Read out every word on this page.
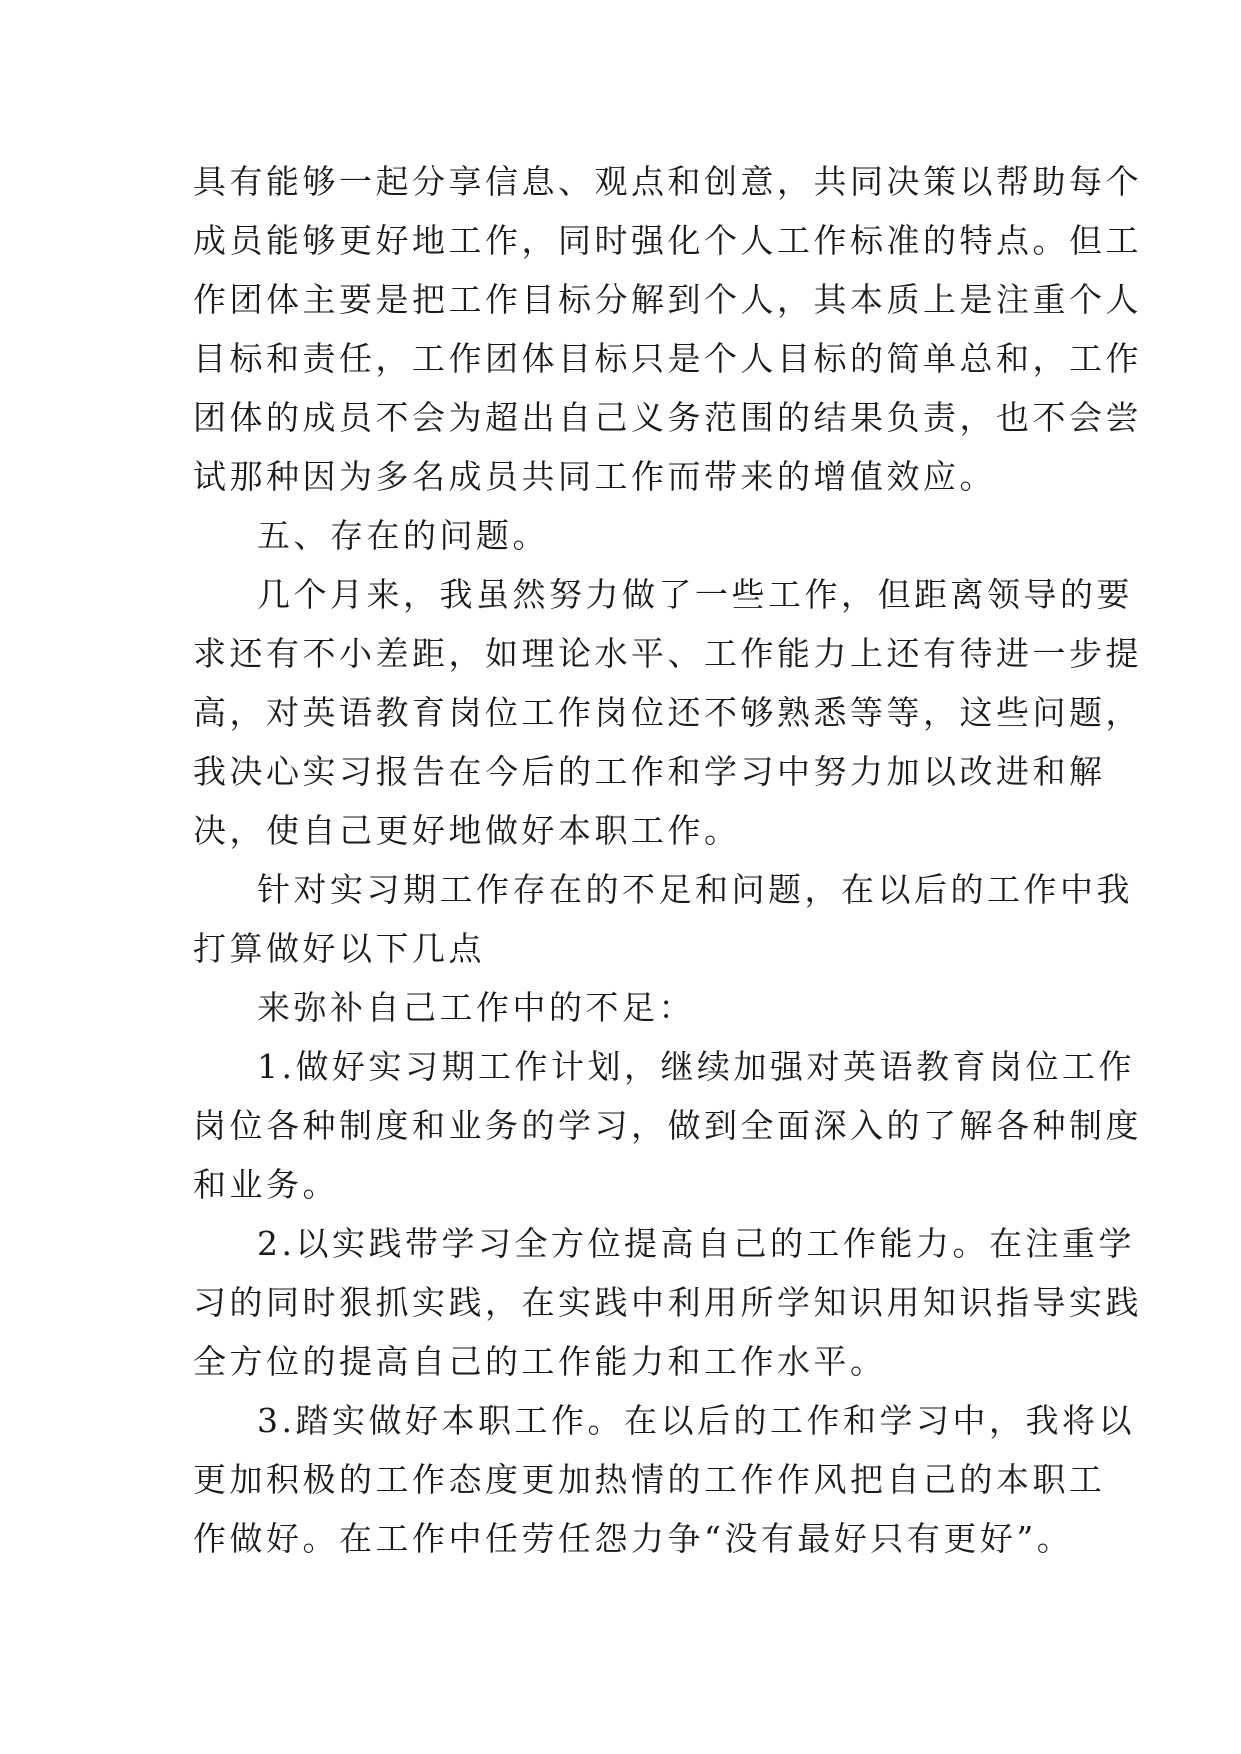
具有能够一起分享信息、观点和创意，共同决策以帮助每个
成员能够更好地工作，同时强化个人工作标准的特点。但工
作团体主要是把工作目标分解到个人，其本质上是注重个人
目标和责任，工作团体目标只是个人目标的简单总和，工作
团体的成员不会为超出自己义务范围的结果负责，也不会尝
试那种因为多名成员共同工作而带来的增值效应。
五、存在的问题。
几个月来，我虽然努力做了一些工作，但距离领导的要
求还有不小差距，如理论水平、工作能力上还有待进一步提
高，对英语教育岗位工作岗位还不够熟悉等等，这些问题，
我决心实习报告在今后的工作和学习中努力加以改进和解
决，使自己更好地做好本职工作。
针对实习期工作存在的不足和问题，在以后的工作中我
打算做好以下几点
来弥补自己工作中的不足：
1.做好实习期工作计划，继续加强对英语教育岗位工作
岗位各种制度和业务的学习，做到全面深入的了解各种制度
和业务。
2.以实践带学习全方位提高自己的工作能力。在注重学
习的同时狠抓实践，在实践中利用所学知识用知识指导实践
全方位的提高自己的工作能力和工作水平。
3.踏实做好本职工作。在以后的工作和学习中，我将以
更加积极的工作态度更加热情的工作作风把自己的本职工
作做好。在工作中任劳任怨力争“没有最好只有更好”。
